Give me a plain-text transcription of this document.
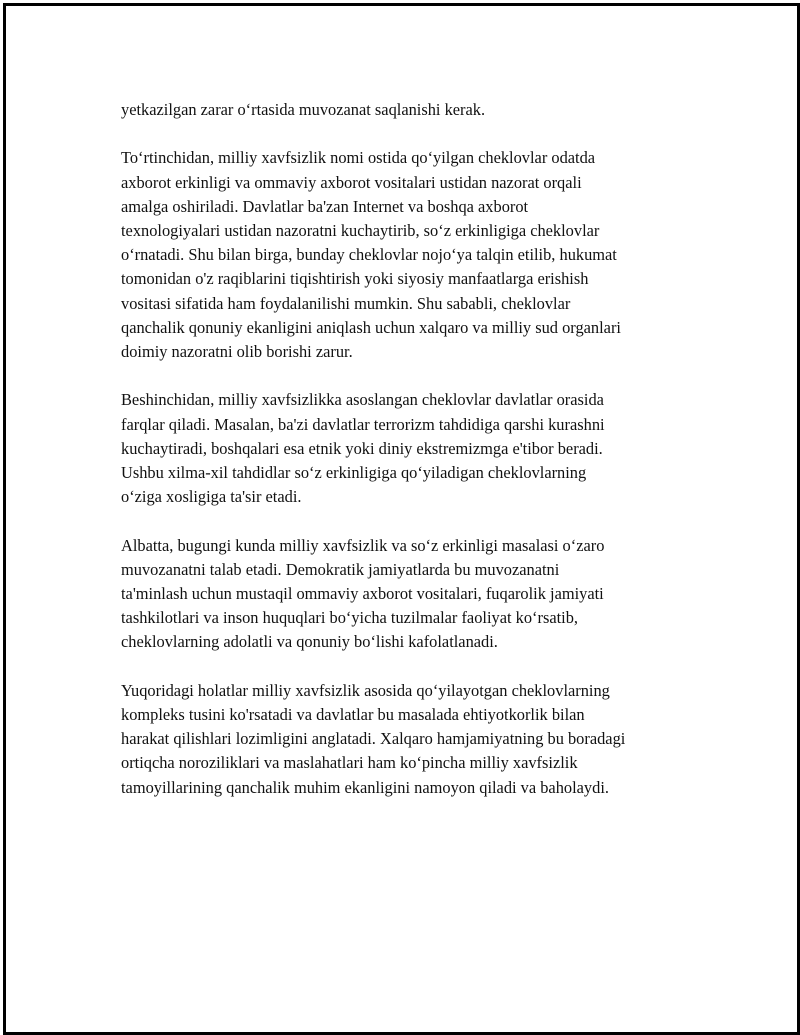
yetkazilgan zarar o‘rtasida muvozanat saqlanishi kerak.

To‘rtinchidan, milliy xavfsizlik nomi ostida qo‘yilgan cheklovlar odatda
axborot erkinligi va ommaviy axborot vositalari ustidan nazorat orqali
amalga oshiriladi. Davlatlar ba'zan Internet va boshqa axborot
texnologiyalari ustidan nazoratni kuchaytirib, so‘z erkinligiga cheklovlar
o‘rnatadi. Shu bilan birga, bunday cheklovlar nojo‘ya talqin etilib, hukumat
tomonidan o'z raqiblarini tiqishtirish yoki siyosiy manfaatlarga erishish
vositasi sifatida ham foydalanilishi mumkin. Shu sababli, cheklovlar
qanchalik qonuniy ekanligini aniqlash uchun xalqaro va milliy sud organlari
doimiy nazoratni olib borishi zarur.

Beshinchidan, milliy xavfsizlikka asoslangan cheklovlar davlatlar orasida
farqlar qiladi. Masalan, ba'zi davlatlar terrorizm tahdidiga qarshi kurashni
kuchaytiradi, boshqalari esa etnik yoki diniy ekstremizmga e'tibor beradi.
Ushbu xilma-xil tahdidlar so‘z erkinligiga qo‘yiladigan cheklovlarning
o‘ziga xosligiga ta'sir etadi.

Albatta, bugungi kunda milliy xavfsizlik va so‘z erkinligi masalasi o‘zaro
muvozanatni talab etadi. Demokratik jamiyatlarda bu muvozanatni
ta'minlash uchun mustaqil ommaviy axborot vositalari, fuqarolik jamiyati
tashkilotlari va inson huquqlari bo‘yicha tuzilmalar faoliyat ko‘rsatib,
cheklovlarning adolatli va qonuniy bo‘lishi kafolatlanadi.

Yuqoridagi holatlar milliy xavfsizlik asosida qo‘yilayotgan cheklovlarning
kompleks tusini ko'rsatadi va davlatlar bu masalada ehtiyotkorlik bilan
harakat qilishlari lozimligini anglatadi. Xalqaro hamjamiyatning bu boradagi
ortiqcha noroziliklari va maslahatlari ham ko‘pincha milliy xavfsizlik
tamoyillarining qanchalik muhim ekanligini namoyon qiladi va baholaydi.
